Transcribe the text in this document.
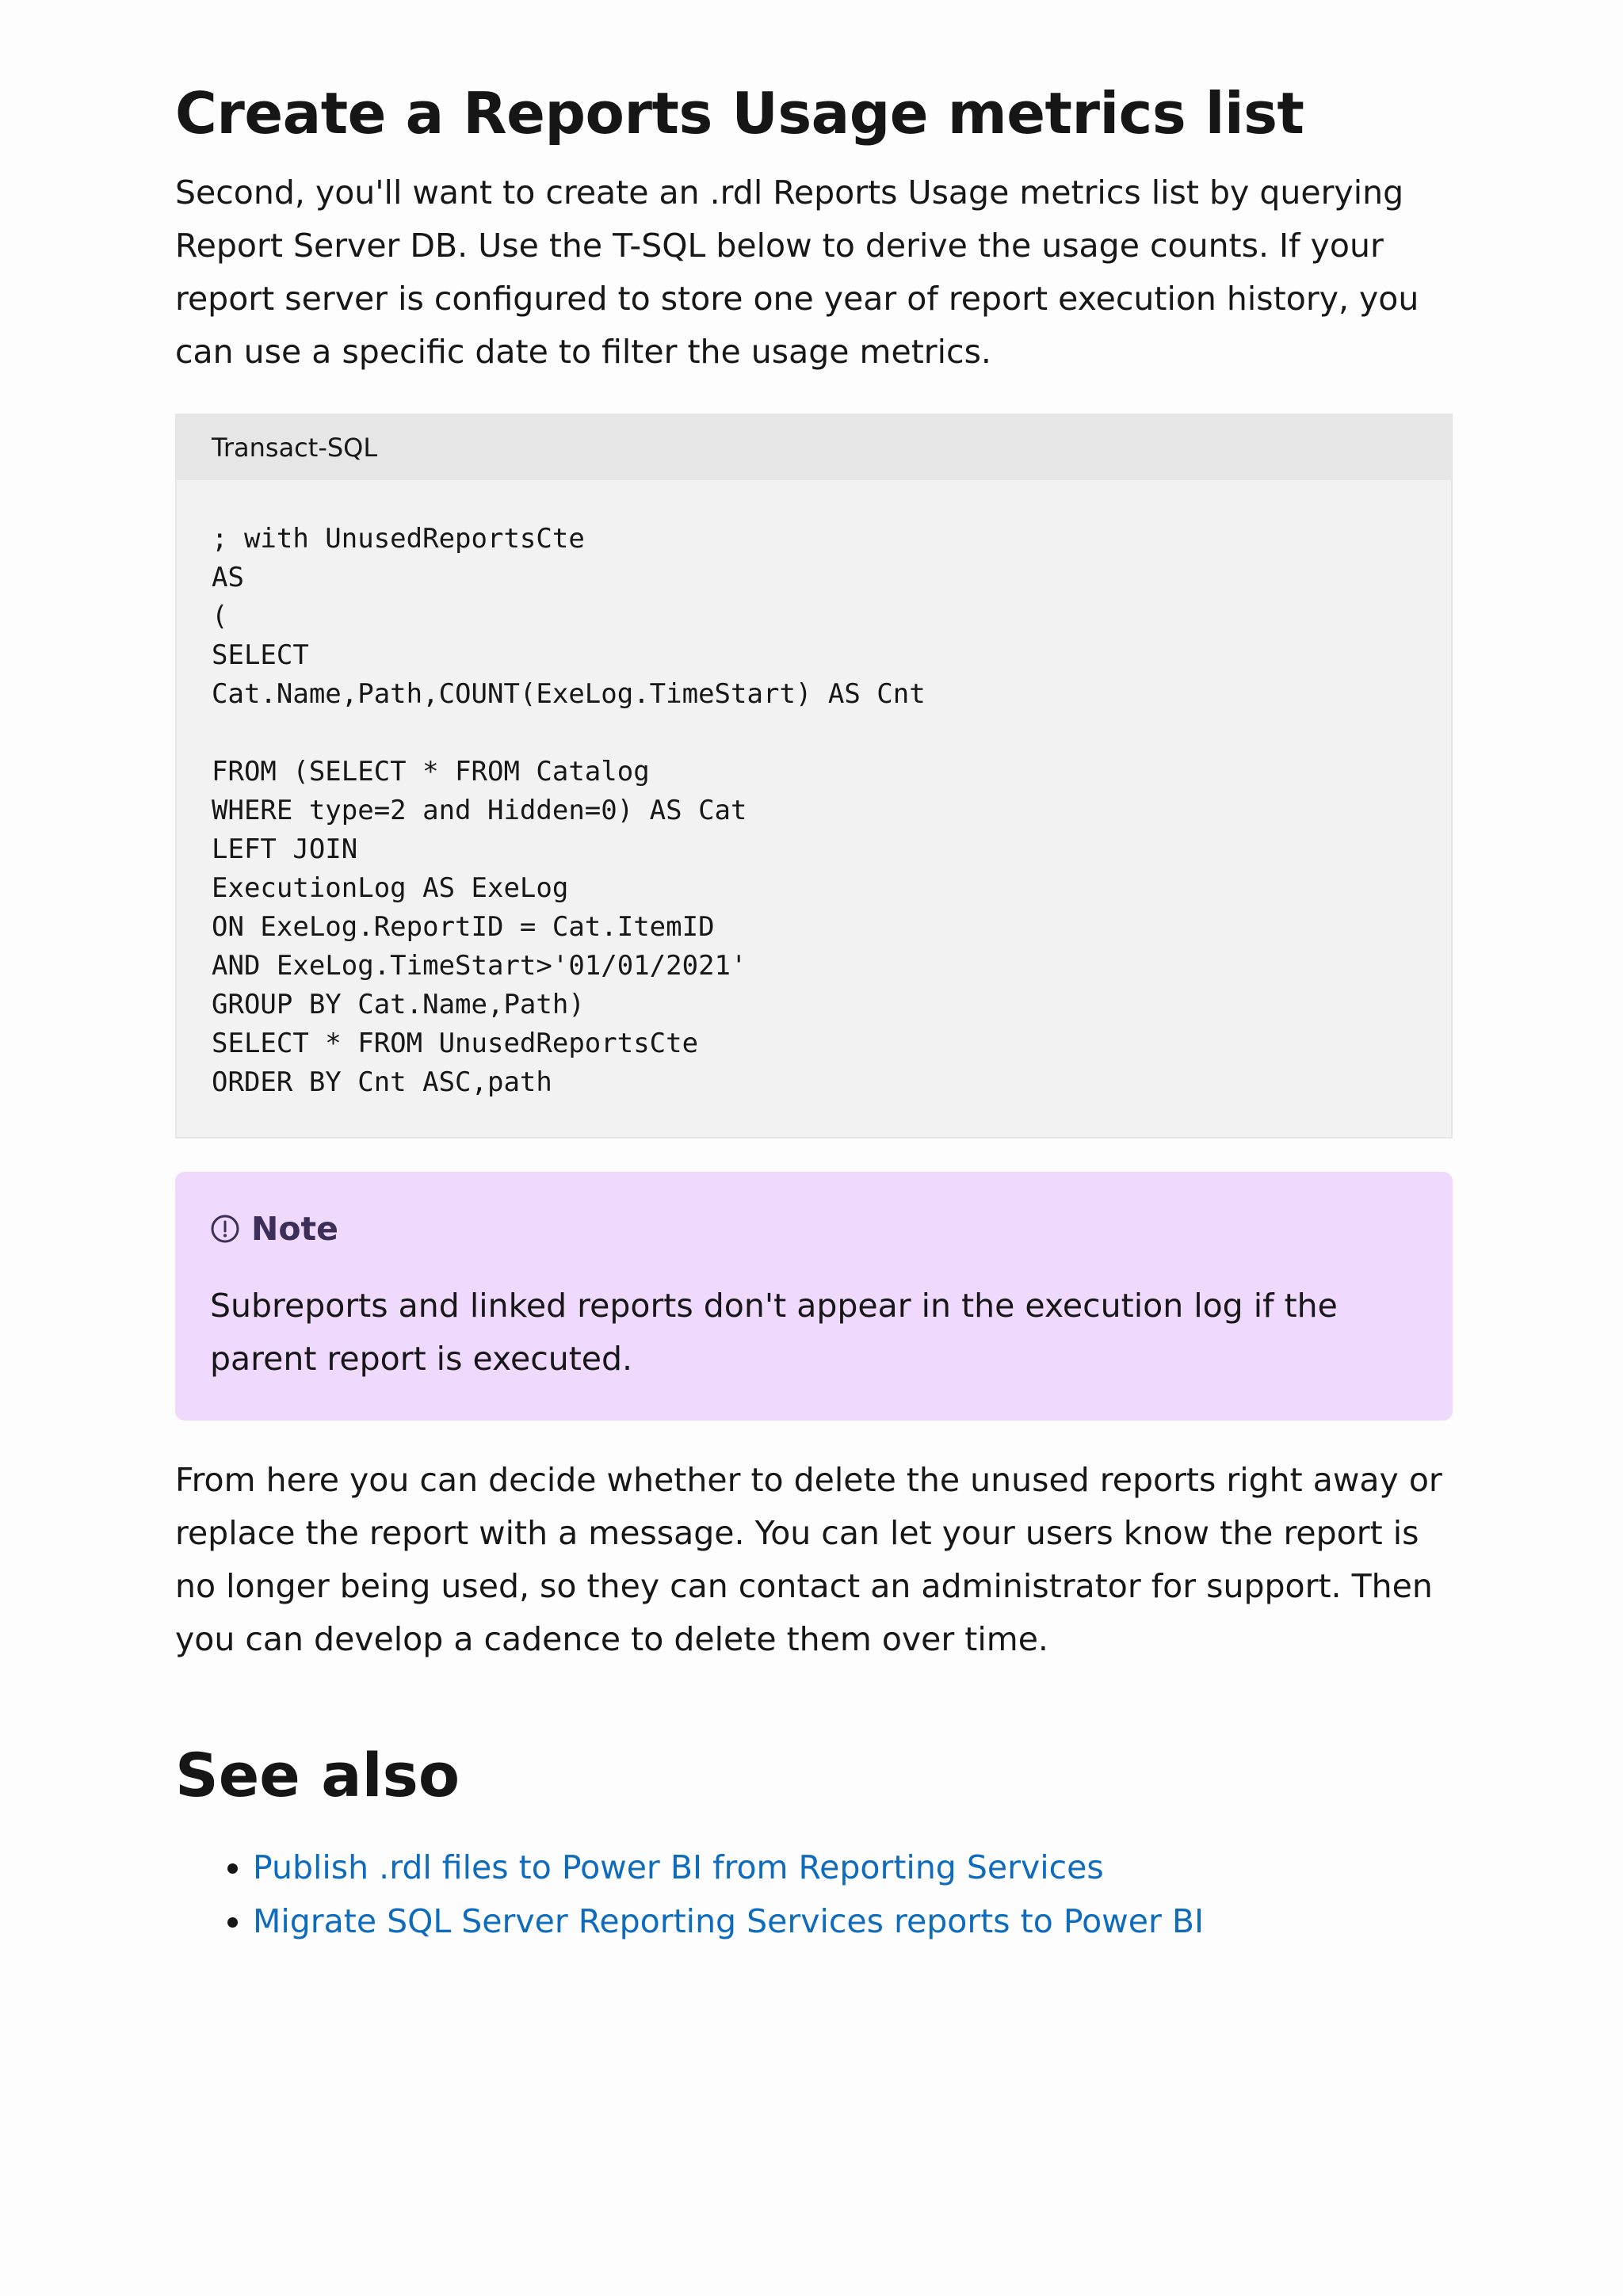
Create a Reports Usage metrics list

Second, you'll want to create an .rdl Reports Usage metrics list by querying Report Server DB. Use the T-SQL below to derive the usage counts. If your report server is configured to store one year of report execution history, you can use a specific date to filter the usage metrics.

Transact-SQL
; with UnusedReportsCte
AS
(
SELECT
Cat.Name,Path,COUNT(ExeLog.TimeStart) AS Cnt

FROM (SELECT * FROM Catalog
WHERE type=2 and Hidden=0) AS Cat
LEFT JOIN
ExecutionLog AS ExeLog
ON ExeLog.ReportID = Cat.ItemID
AND ExeLog.TimeStart>'01/01/2021'
GROUP BY Cat.Name,Path)
SELECT * FROM UnusedReportsCte
ORDER BY Cnt ASC,path
Note

Subreports and linked reports don't appear in the execution log if the parent report is executed.

From here you can decide whether to delete the unused reports right away or replace the report with a message. You can let your users know the report is no longer being used, so they can contact an administrator for support. Then you can develop a cadence to delete them over time.

See also
• Publish .rdl files to Power BI from Reporting Services
• Migrate SQL Server Reporting Services reports to Power BI
